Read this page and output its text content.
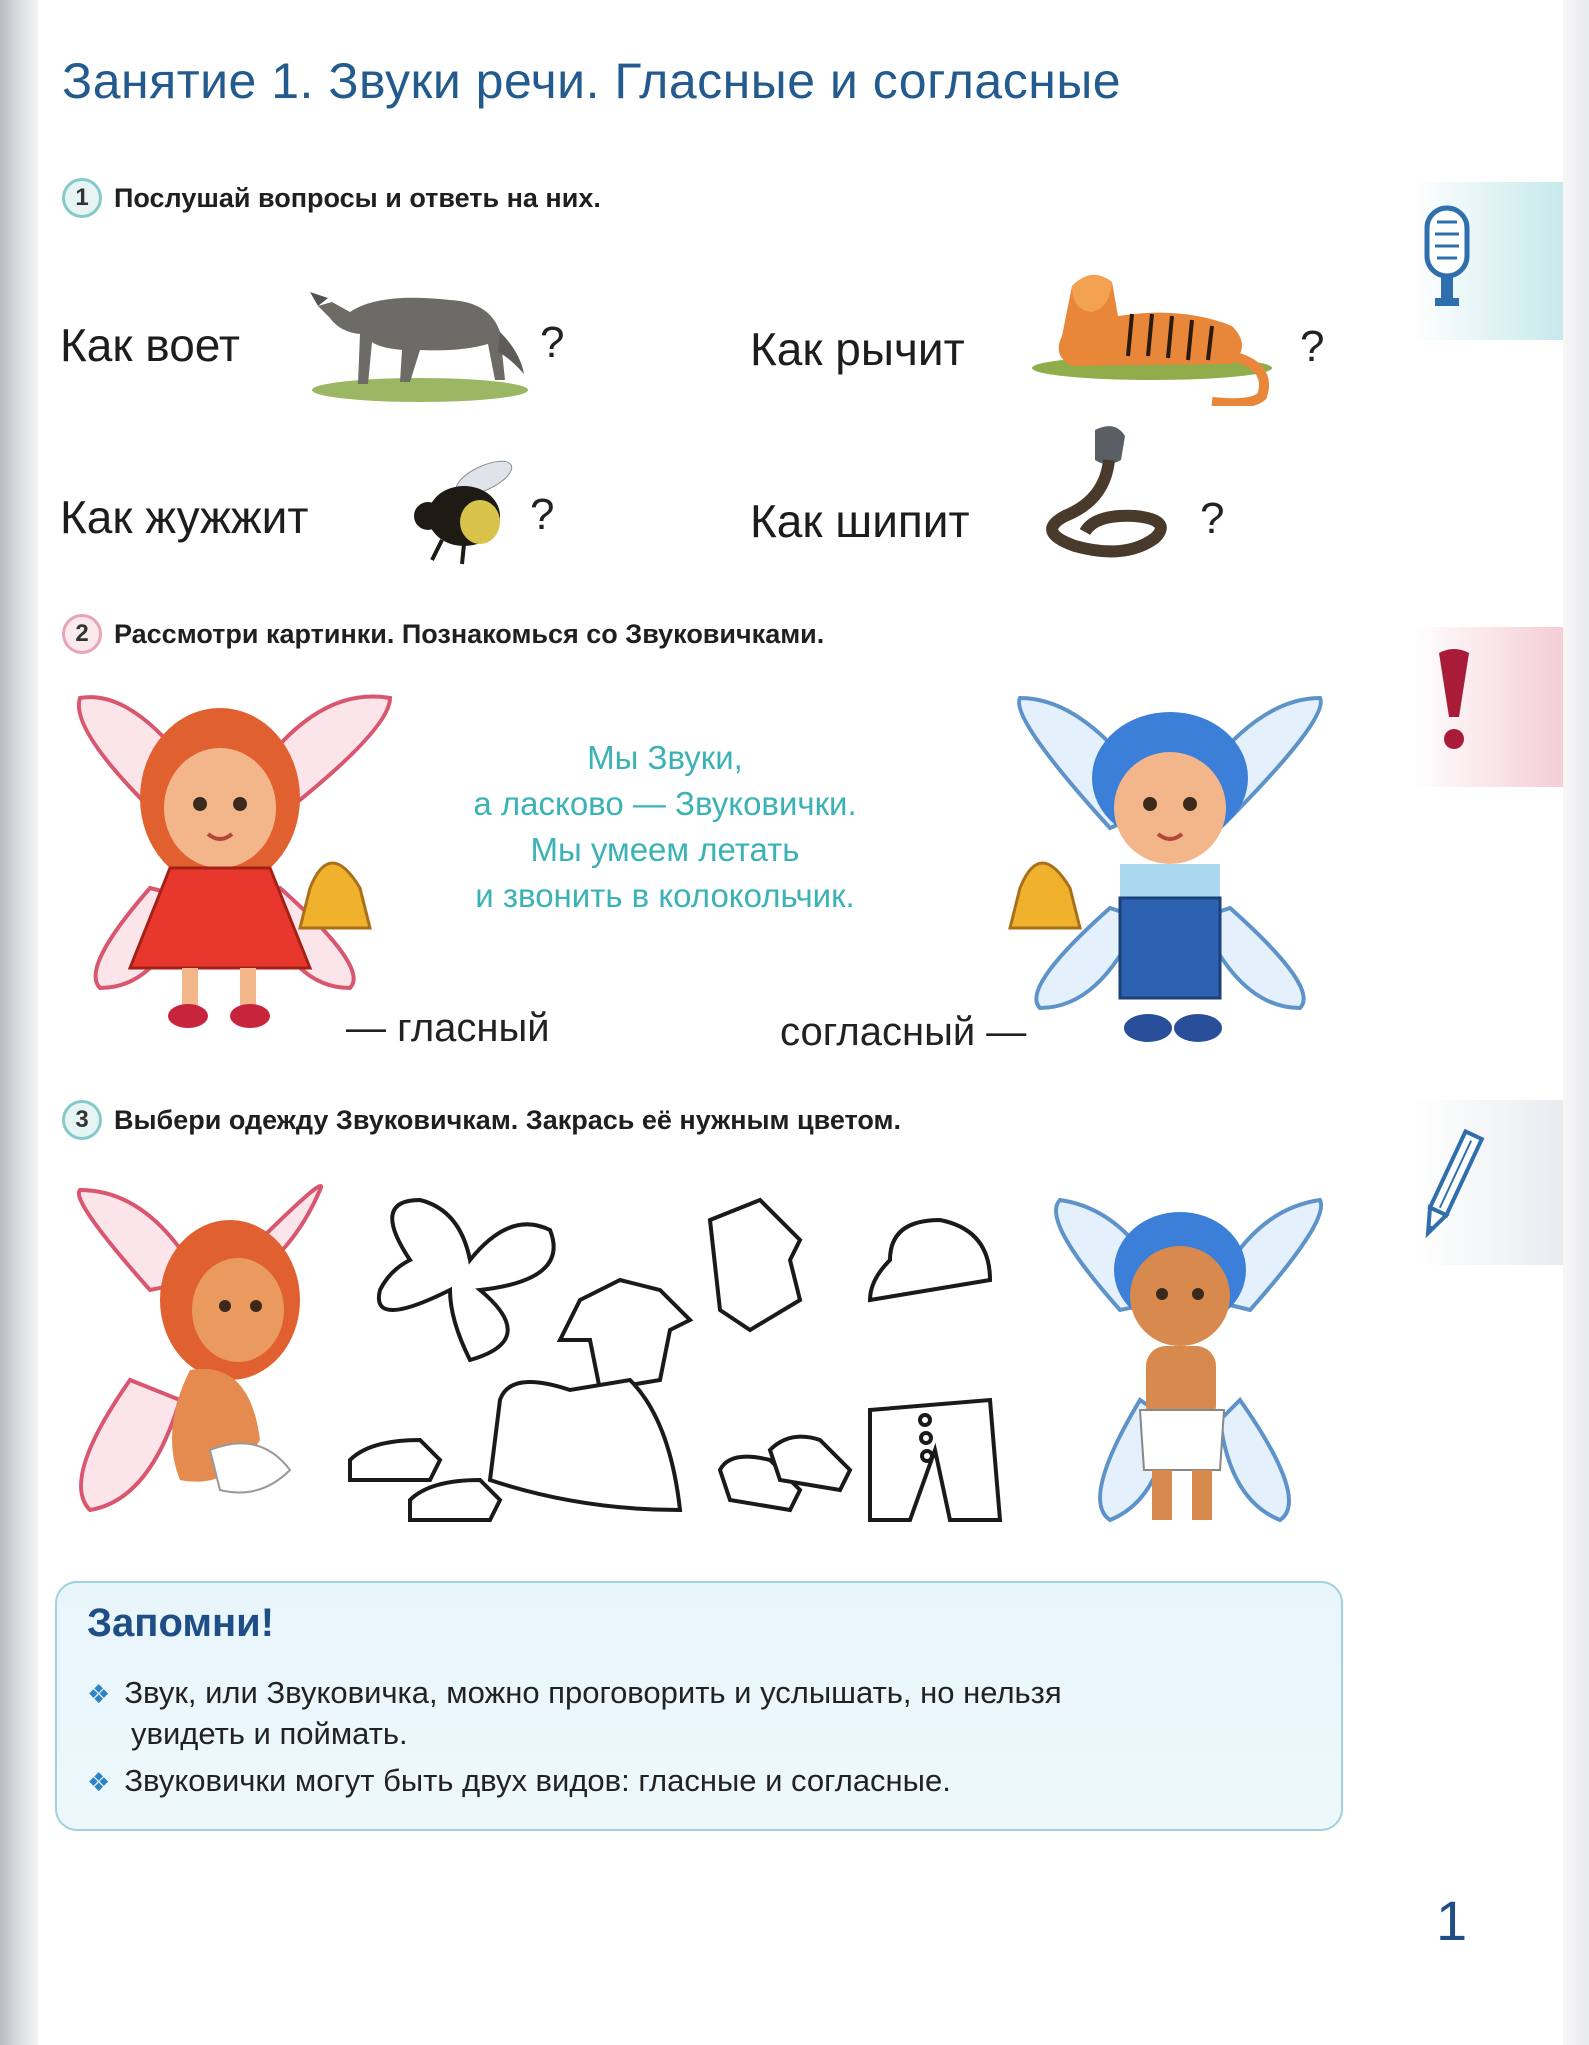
Занятие 1. Звуки речи. Гласные и согласные
1 Послушай вопросы и ответь на них.
Как воет	?	Как рычит	?
Как жужжит	?	Как шипит	?
2 Рассмотри картинки. Познакомься со Звуковичками.
Мы Звуки,
а ласково — Звуковички.
Мы умеем летать
и звонить в колокольчик.
— гласный	согласный —
3 Выбери одежду Звуковичкам. Закрась её нужным цветом.
Запомни!
❖ Звук, или Звуковичка, можно проговорить и услышать, но нельзя
увидеть и поймать.
❖ Звуковички могут быть двух видов: гласные и согласные.
1
